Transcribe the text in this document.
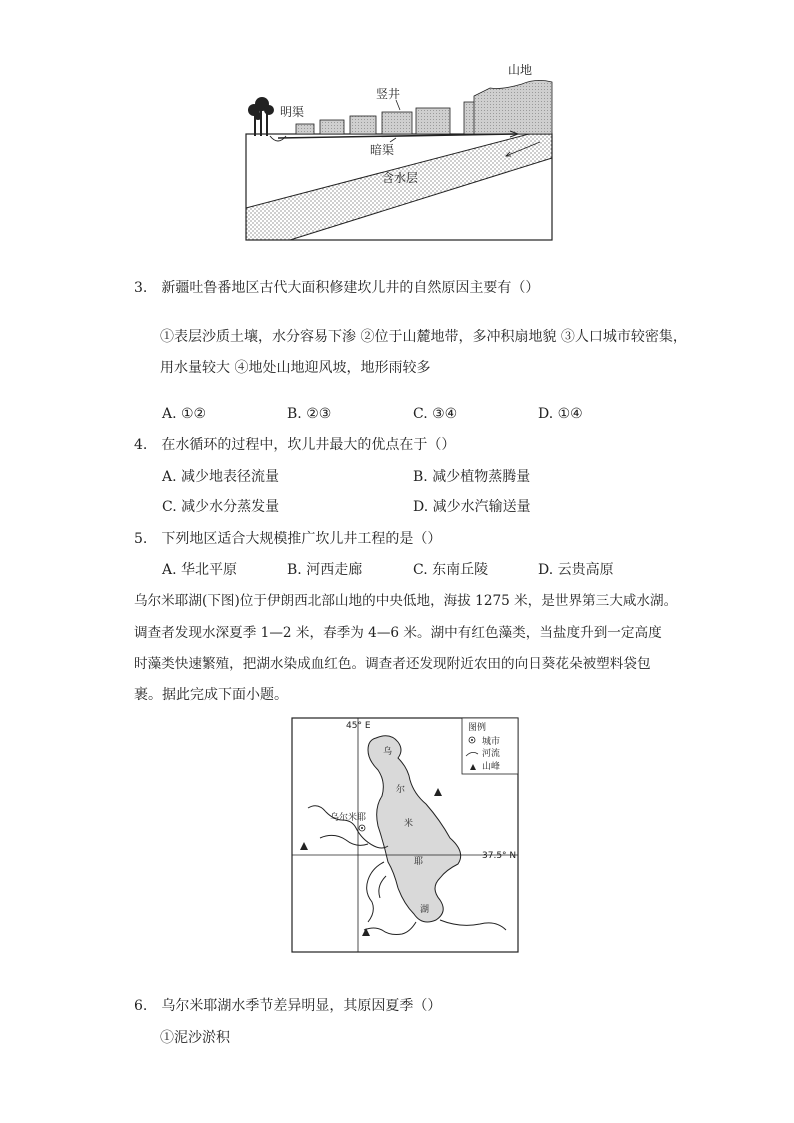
山地
竖井
明渠
暗渠
含水层
3.　新疆吐鲁番地区古代大面积修建坎儿井的自然原因主要有（）
①表层沙质土壤，水分容易下渗 ②位于山麓地带，多冲积扇地貌 ③人口城市较密集，
用水量较大 ④地处山地迎风坡，地形雨较多
A. ①②	B. ②③	C. ③④	D. ①④
4.　在水循环的过程中，坎儿井最大的优点在于（）
A. 减少地表径流量	B. 减少植物蒸腾量
C. 减少水分蒸发量	D. 减少水汽输送量
5.　下列地区适合大规模推广坎儿井工程的是（）
A. 华北平原	B. 河西走廊	C. 东南丘陵	D. 云贵高原
乌尔米耶湖(下图)位于伊朗西北部山地的中央低地，海拔 1275 米，是世界第三大咸水湖。
调查者发现水深夏季 1—2 米，春季为 4—6 米。湖中有红色藻类，当盐度升到一定高度
时藻类快速繁殖，把湖水染成血红色。调查者还发现附近农田的向日葵花朵被塑料袋包
裹。据此完成下面小题。
图例
城市
河流
山峰
45° E
37.5° N
乌尔米耶
乌
尔
米
耶
湖
6.　乌尔米耶湖水季节差异明显，其原因夏季（）
①泥沙淤积
